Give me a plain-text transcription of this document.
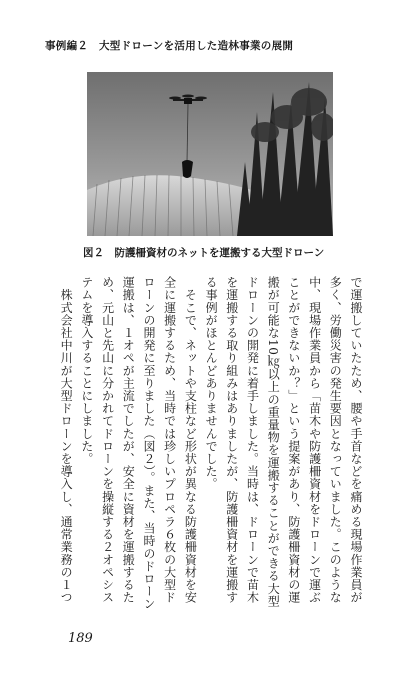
事例編２　大型ドローンを活用した造林事業の展開
図２　防護柵資材のネットを運搬する大型ドローン

で運搬していたため、腰や手首などを痛める現場作業員が

多く、労働災害の発生要因となっていました。このような

中、現場作業員から「苗木や防護柵資材をドローンで運ぶ

ことができないか？」という提案があり、防護柵資材の運

搬が可能な10㎏以上の重量物を運搬することができる大型

ドローンの開発に着手しました。当時は、ドローンで苗木

を運搬する取り組みはありましたが、防護柵資材を運搬す

る事例がほとんどありませんでした。

　そこで、ネットや支柱など形状が異なる防護柵資材を安

全に運搬するため、当時では珍しいプロペラ６枚の大型ド

ローンの開発に至りました（図２）。また、当時のドローン

運搬は、１オペが主流でしたが、安全に資材を運搬するた

め、元山と先山に分かれてドローンを操縦する２オペシス

テムを導入することにしました。

　株式会社中川が大型ドローンを導入し、通常業務の１つ

189
